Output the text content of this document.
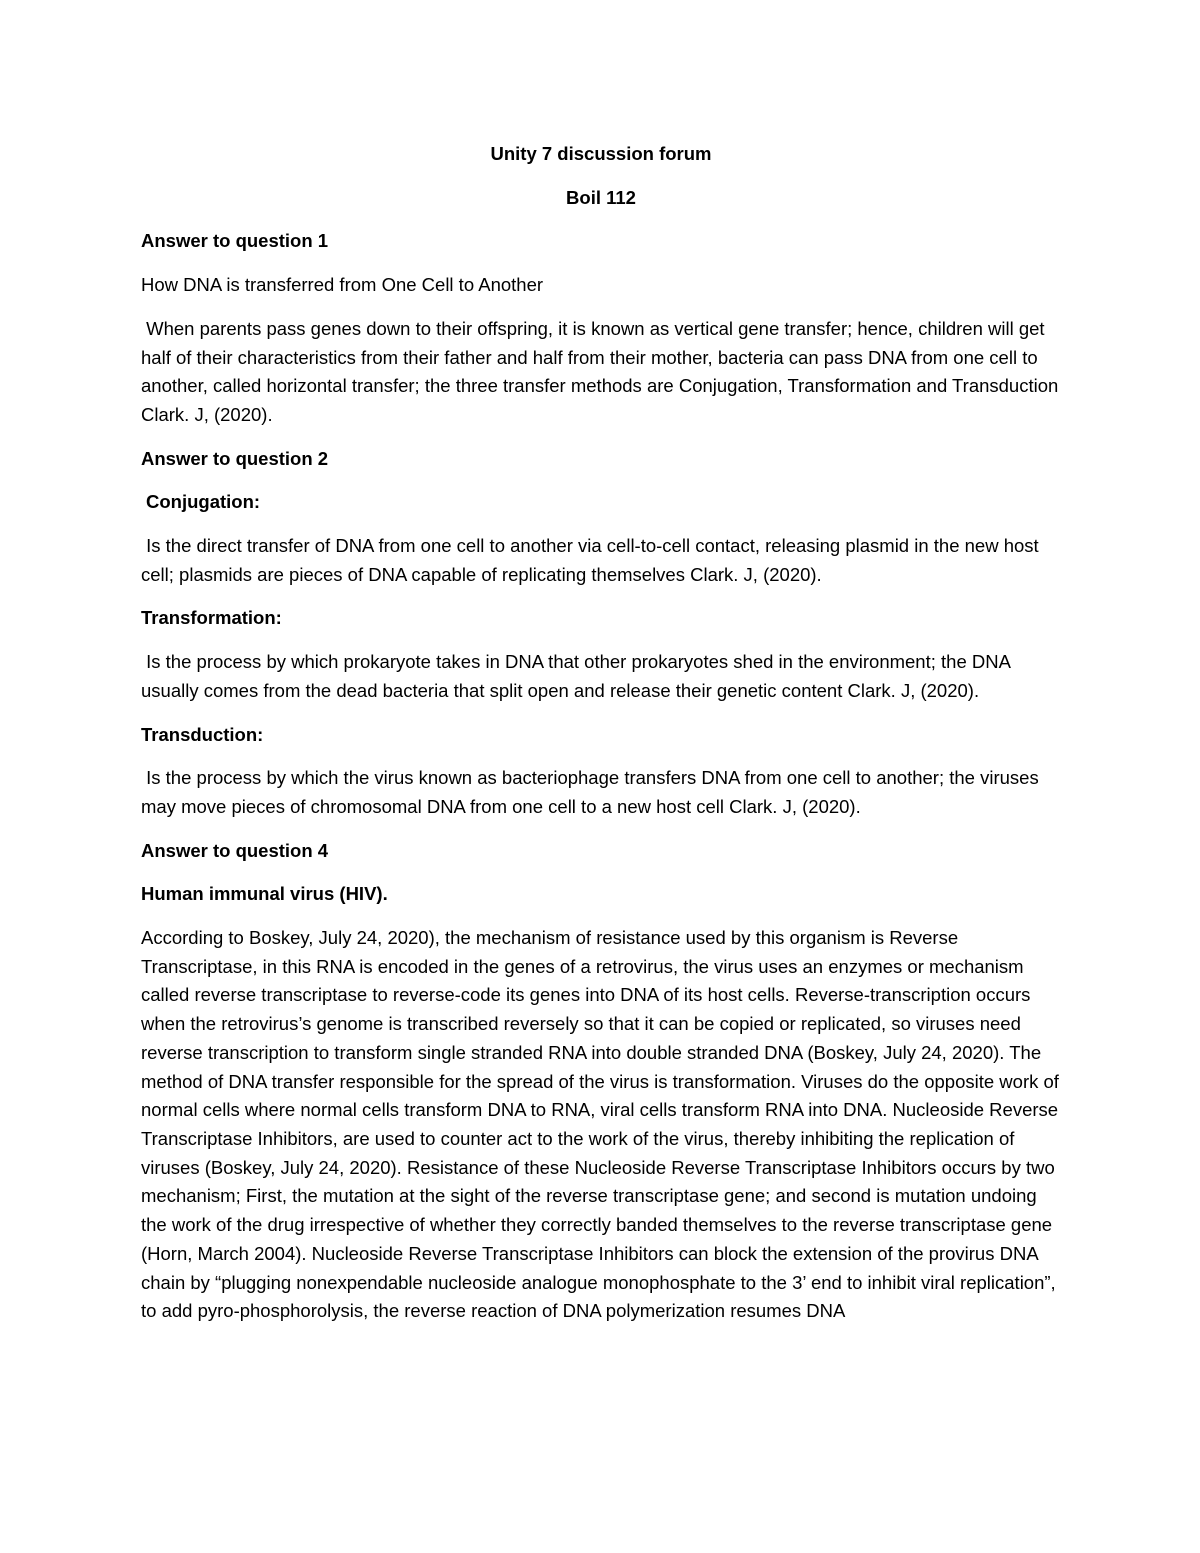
Unity 7 discussion forum

Boil 112

Answer to question 1

How DNA is transferred from One Cell to Another

When parents pass genes down to their offspring, it is known as vertical gene transfer; hence, children will get half of their characteristics from their father and half from their mother, bacteria can pass DNA from one cell to another, called horizontal transfer; the three transfer methods are Conjugation, Transformation and Transduction Clark. J, (2020).

Answer to question 2

Conjugation:

Is the direct transfer of DNA from one cell to another via cell-to-cell contact, releasing plasmid in the new host cell; plasmids are pieces of DNA capable of replicating themselves Clark. J, (2020).

Transformation:

Is the process by which prokaryote takes in DNA that other prokaryotes shed in the environment; the DNA usually comes from the dead bacteria that split open and release their genetic content Clark. J, (2020).

Transduction:

Is the process by which the virus known as bacteriophage transfers DNA from one cell to another; the viruses may move pieces of chromosomal DNA from one cell to a new host cell Clark. J, (2020).

Answer to question 4

Human immunal virus (HIV).

According to Boskey, July 24, 2020), the mechanism of resistance used by this organism is Reverse Transcriptase, in this RNA is encoded in the genes of a retrovirus, the virus uses an enzymes or mechanism called reverse transcriptase to reverse-code its genes into DNA of its host cells. Reverse-transcription occurs when the retrovirus’s genome is transcribed reversely so that it can be copied or replicated, so viruses need reverse transcription to transform single stranded RNA into double stranded DNA (Boskey, July 24, 2020). The method of DNA transfer responsible for the spread of the virus is transformation. Viruses do the opposite work of normal cells where normal cells transform DNA to RNA, viral cells transform RNA into DNA. Nucleoside Reverse Transcriptase Inhibitors, are used to counter act to the work of the virus, thereby inhibiting the replication of viruses (Boskey, July 24, 2020). Resistance of these Nucleoside Reverse Transcriptase Inhibitors occurs by two mechanism; First, the mutation at the sight of the reverse transcriptase gene; and second is mutation undoing the work of the drug irrespective of whether they correctly banded themselves to the reverse transcriptase gene (Horn, March 2004). Nucleoside Reverse Transcriptase Inhibitors can block the extension of the provirus DNA chain by “plugging nonexpendable nucleoside analogue monophosphate to the 3’ end to inhibit viral replication”, to add pyro-phosphorolysis, the reverse reaction of DNA polymerization resumes DNA
